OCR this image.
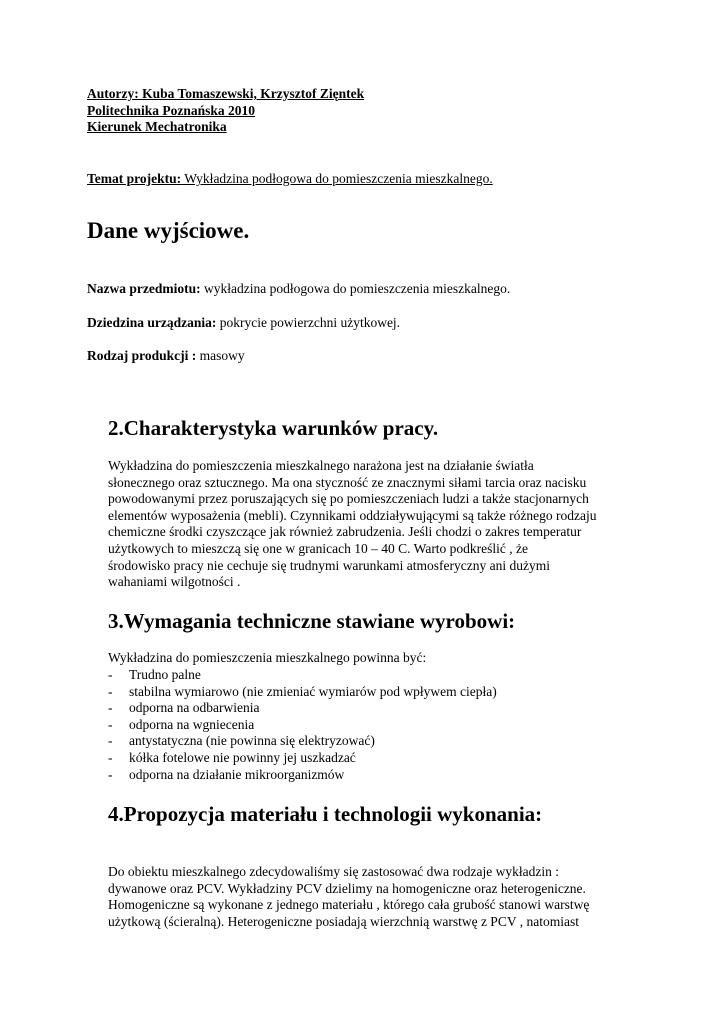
Autorzy: Kuba Tomaszewski, Krzysztof Zięntek
Politechnika Poznańska 2010
Kierunek Mechatronika
Temat projektu: Wykładzina podłogowa do pomieszczenia mieszkalnego.
Dane wyjściowe.
Nazwa przedmiotu: wykładzina podłogowa do pomieszczenia mieszkalnego.
Dziedzina urządzania: pokrycie powierzchni użytkowej.
Rodzaj produkcji : masowy
2.Charakterystyka warunków pracy.
Wykładzina do pomieszczenia mieszkalnego narażona jest na działanie światła
słonecznego oraz sztucznego. Ma ona styczność ze znacznymi siłami tarcia oraz nacisku
powodowanymi przez poruszających się po pomieszczeniach ludzi a także stacjonarnych
elementów wyposażenia (mebli). Czynnikami oddziaływującymi są także różnego rodzaju
chemiczne środki czyszczące jak również zabrudzenia. Jeśli chodzi o zakres temperatur
użytkowych to mieszczą się one w granicach 10 – 40 C. Warto podkreślić , że
środowisko pracy nie cechuje się trudnymi warunkami atmosferyczny ani dużymi
wahaniami wilgotności .
3.Wymagania techniczne stawiane wyrobowi:
Wykładzina do pomieszczenia mieszkalnego powinna być:
-	Trudno palne
-	stabilna wymiarowo (nie zmieniać wymiarów pod wpływem ciepła)
-	odporna na odbarwienia
-	odporna na wgniecenia
-	antystatyczna (nie powinna się elektryzować)
-	kółka fotelowe nie powinny jej uszkadzać
-	odporna na działanie mikroorganizmów
4.Propozycja materiału i technologii wykonania:
Do obiektu mieszkalnego zdecydowaliśmy się zastosować dwa rodzaje wykładzin :
dywanowe oraz PCV. Wykładziny PCV dzielimy na homogeniczne oraz heterogeniczne.
Homogeniczne są wykonane z jednego materiału , którego cała grubość stanowi warstwę
użytkową (ścieralną). Heterogeniczne posiadają wierzchnią warstwę z PCV , natomiast
